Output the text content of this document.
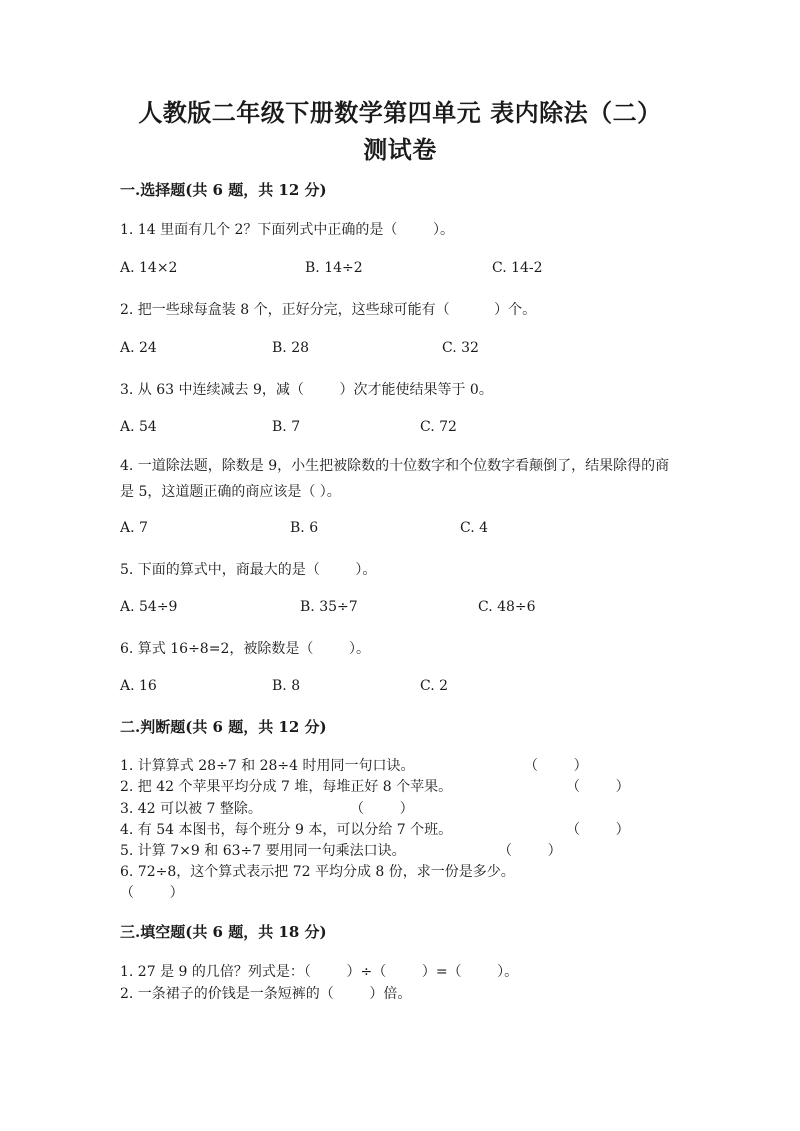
人教版二年级下册数学第四单元 表内除法（二）
测试卷
一.选择题(共 6 题，共 12 分)
1. 14 里面有几个 2？下面列式中正确的是（        ）。
A. 14×2	B. 14÷2	C. 14-2
2. 把一些球每盒装 8 个，正好分完，这些球可能有（          ）个。
A. 24	B. 28	C. 32
3. 从 63 中连续减去 9，减（        ）次才能使结果等于 0。
A. 54	B. 7	C. 72
4. 一道除法题，除数是 9，小生把被除数的十位数字和个位数字看颠倒了，结果除得的商是 5，这道题正确的商应该是（ ）。
A. 7	B. 6	C. 4
5. 下面的算式中，商最大的是（        ）。
A. 54÷9	B. 35÷7	C. 48÷6
6. 算式 16÷8=2，被除数是（        ）。
A. 16	B. 8	C. 2
二.判断题(共 6 题，共 12 分)
1. 计算算式 28÷7 和 28÷4 时用同一句口诀。	（        ）
2. 把 42 个苹果平均分成 7 堆，每堆正好 8 个苹果。	（        ）
3. 42 可以被 7 整除。	（        ）
4. 有 54 本图书，每个班分 9 本，可以分给 7 个班。	（        ）
5. 计算 7×9 和 63÷7 要用同一句乘法口诀。	（        ）
6. 72÷8，这个算式表示把 72 平均分成 8 份，求一份是多少。
（        ）
三.填空题(共 6 题，共 18 分)
1. 27 是 9 的几倍？列式是：（        ）÷（        ）=（        ）。
2. 一条裙子的价钱是一条短裤的（        ）倍。
